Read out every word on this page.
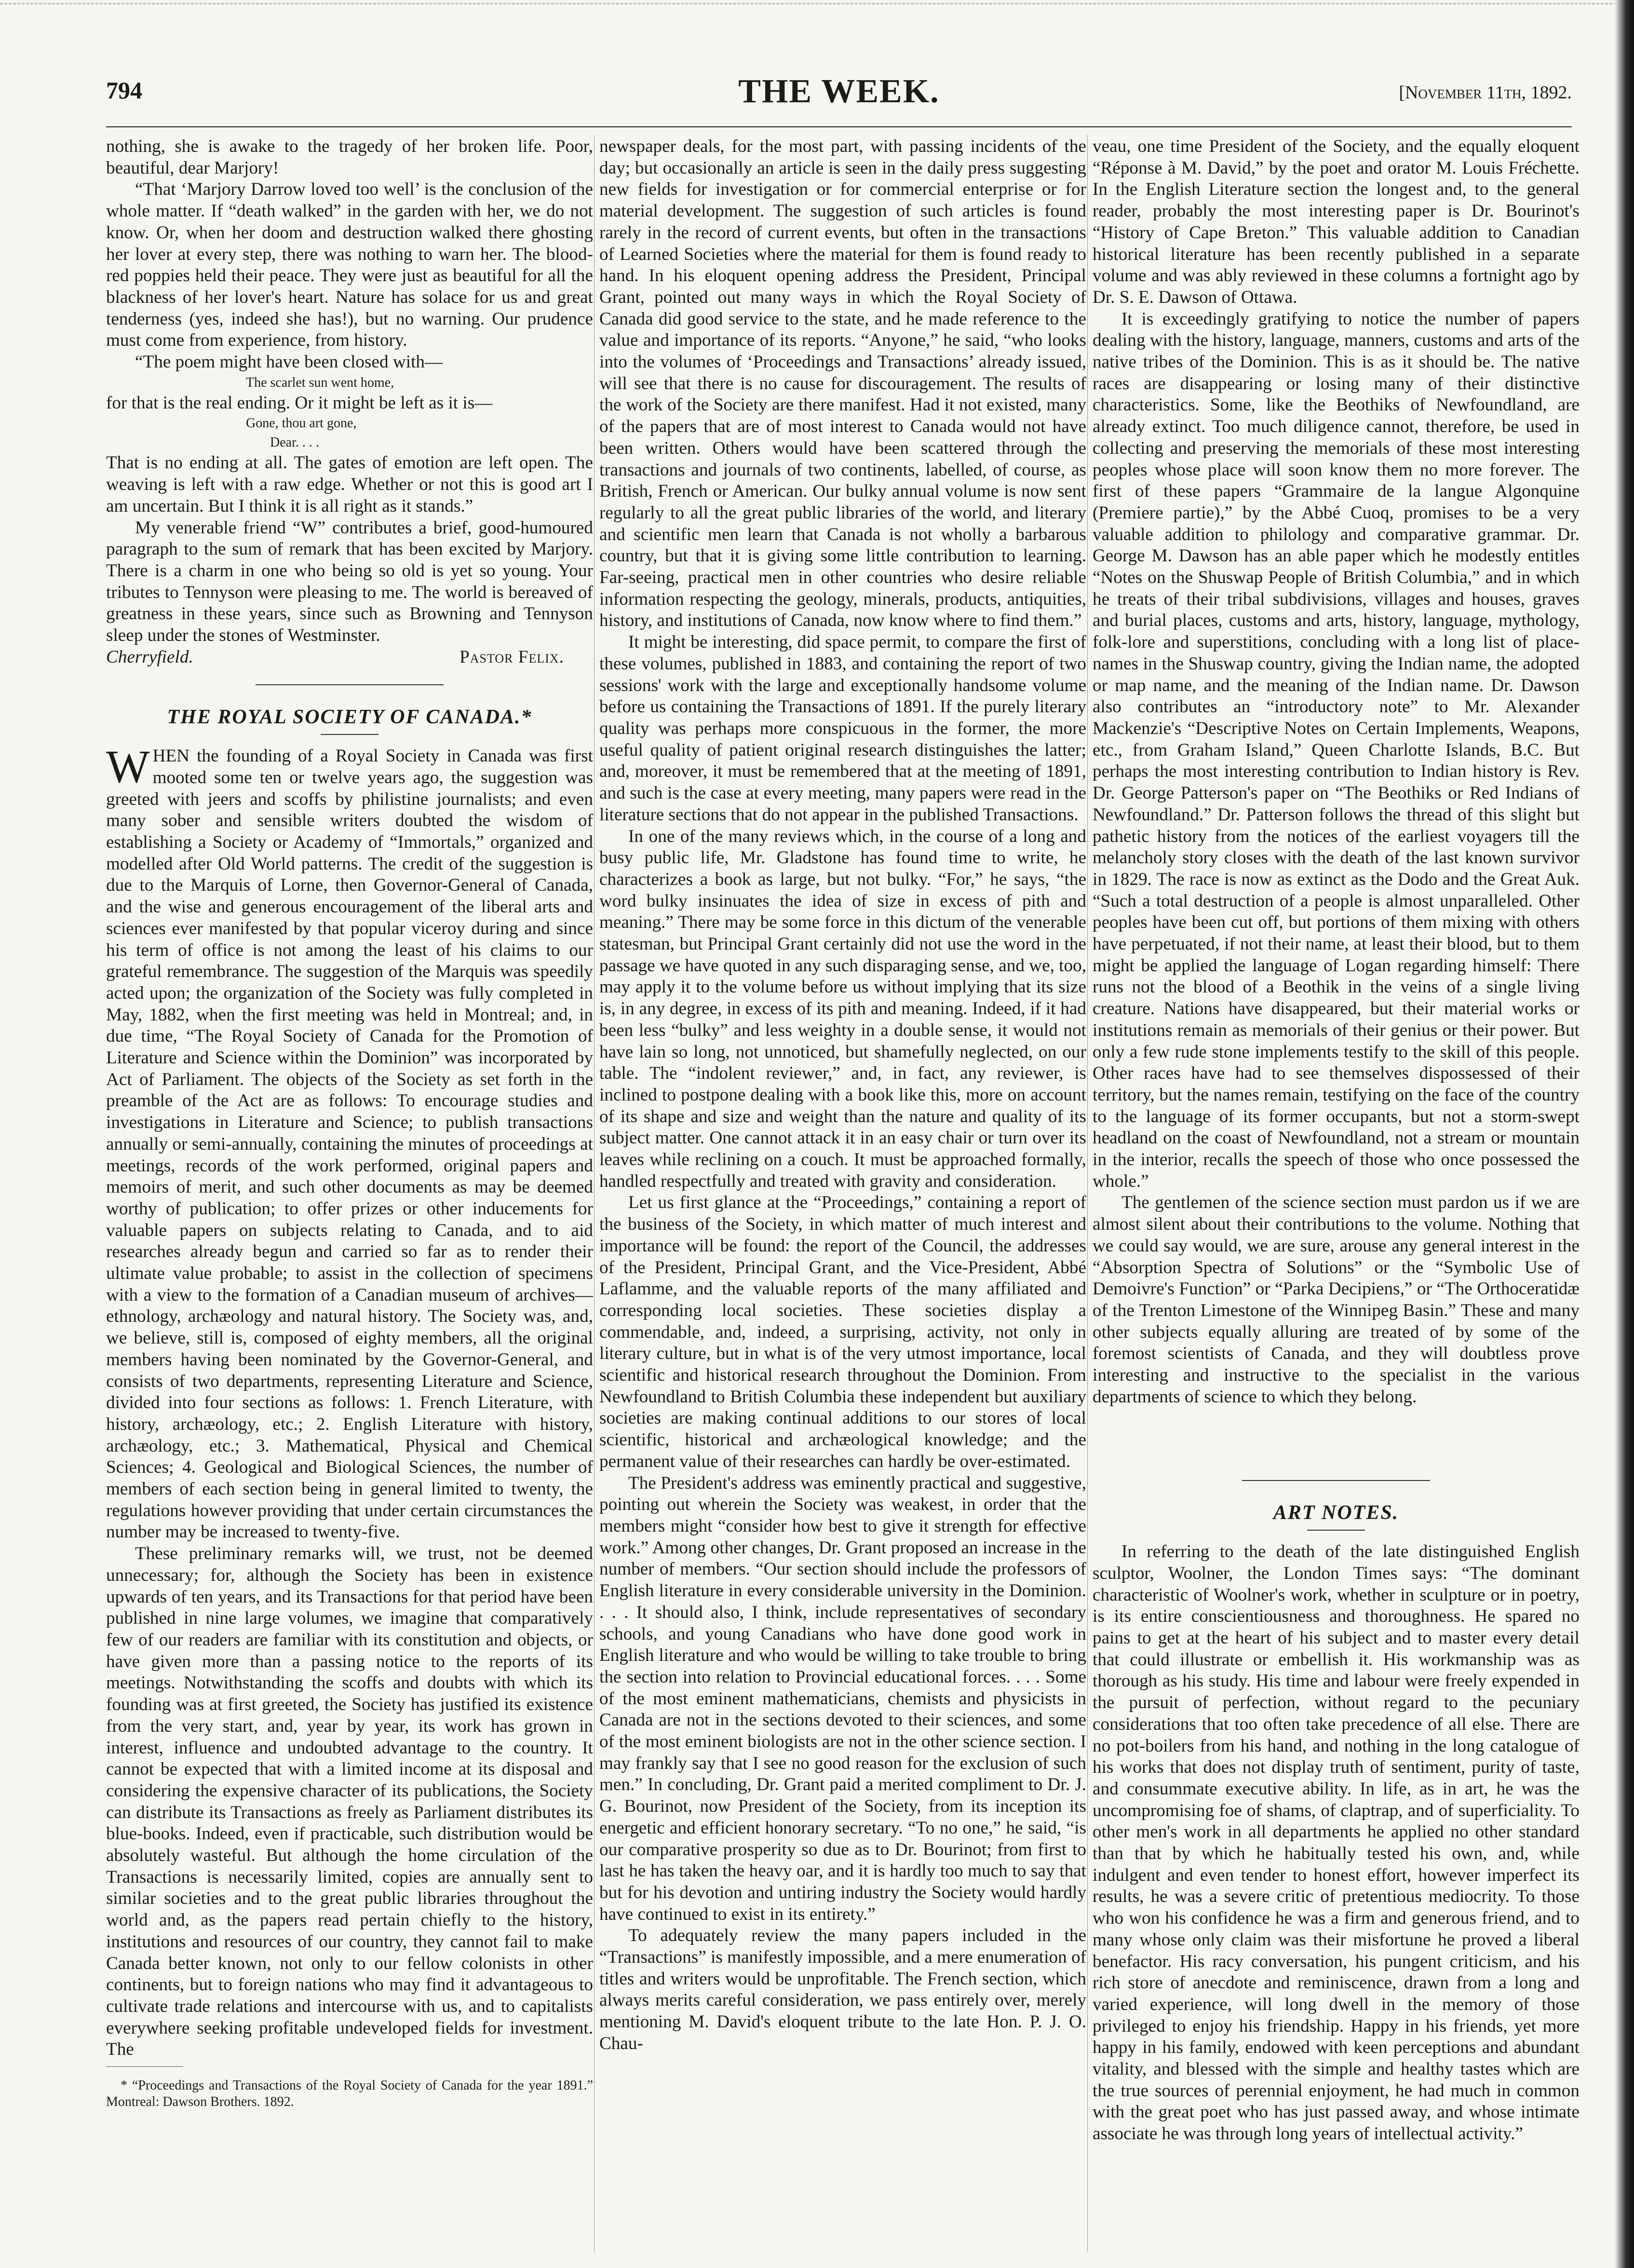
794	THE WEEK.	[November 11th, 1892.

nothing, she is awake to the tragedy of her broken life. Poor, beautiful, dear Marjory!

“That ‘Marjory Darrow loved too well’ is the conclusion of the whole matter. If “death walked” in the garden with her, we do not know. Or, when her doom and destruction walked there ghosting her lover at every step, there was nothing to warn her. The blood-red poppies held their peace. They were just as beautiful for all the blackness of her lover's heart. Nature has solace for us and great tenderness (yes, indeed she has!), but no warning. Our prudence must come from experience, from history.

“The poem might have been closed with—

The scarlet sun went home,

for that is the real ending. Or it might be left as it is—

Gone, thou art gone,

Dear. . . .

That is no ending at all. The gates of emotion are left open. The weaving is left with a raw edge. Whether or not this is good art I am uncertain. But I think it is all right as it stands.”

My venerable friend “W” contributes a brief, good-humoured paragraph to the sum of remark that has been excited by Marjory. There is a charm in one who being so old is yet so young. Your tributes to Tennyson were pleasing to me. The world is bereaved of greatness in these years, since such as Browning and Tennyson sleep under the stones of Westminster.

Cherryfield.	Pastor Felix.
THE ROYAL SOCIETY OF CANADA.*

WHEN the founding of a Royal Society in Canada was first mooted some ten or twelve years ago, the suggestion was greeted with jeers and scoffs by philistine journalists; and even many sober and sensible writers doubted the wisdom of establishing a Society or Academy of “Immortals,” organized and modelled after Old World patterns. The credit of the suggestion is due to the Marquis of Lorne, then Governor-General of Canada, and the wise and generous encouragement of the liberal arts and sciences ever manifested by that popular viceroy during and since his term of office is not among the least of his claims to our grateful remembrance. The suggestion of the Marquis was speedily acted upon; the organization of the Society was fully completed in May, 1882, when the first meeting was held in Montreal; and, in due time, “The Royal Society of Canada for the Promotion of Literature and Science within the Dominion” was incorporated by Act of Parliament. The objects of the Society as set forth in the preamble of the Act are as follows: To encourage studies and investigations in Literature and Science; to publish transactions annually or semi-annually, containing the minutes of proceedings at meetings, records of the work performed, original papers and memoirs of merit, and such other documents as may be deemed worthy of publication; to offer prizes or other inducements for valuable papers on subjects relating to Canada, and to aid researches already begun and carried so far as to render their ultimate value probable; to assist in the collection of specimens with a view to the formation of a Canadian museum of archives—ethnology, archæology and natural history. The Society was, and, we believe, still is, composed of eighty members, all the original members having been nominated by the Governor-General, and consists of two departments, representing Literature and Science, divided into four sections as follows: 1. French Literature, with history, archæology, etc.; 2. English Literature with history, archæology, etc.; 3. Mathematical, Physical and Chemical Sciences; 4. Geological and Biological Sciences, the number of members of each section being in general limited to twenty, the regulations however providing that under certain circumstances the number may be increased to twenty-five.

These preliminary remarks will, we trust, not be deemed unnecessary; for, although the Society has been in existence upwards of ten years, and its Transactions for that period have been published in nine large volumes, we imagine that comparatively few of our readers are familiar with its constitution and objects, or have given more than a passing notice to the reports of its meetings. Notwithstanding the scoffs and doubts with which its founding was at first greeted, the Society has justified its existence from the very start, and, year by year, its work has grown in interest, influence and undoubted advantage to the country. It cannot be expected that with a limited income at its disposal and considering the expensive character of its publications, the Society can distribute its Transactions as freely as Parliament distributes its blue-books. Indeed, even if practicable, such distribution would be absolutely wasteful. But although the home circulation of the Transactions is necessarily limited, copies are annually sent to similar societies and to the great public libraries throughout the world and, as the papers read pertain chiefly to the history, institutions and resources of our country, they cannot fail to make Canada better known, not only to our fellow colonists in other continents, but to foreign nations who may find it advantageous to cultivate trade relations and intercourse with us, and to capitalists everywhere seeking profitable undeveloped fields for investment. The

* “Proceedings and Transactions of the Royal Society of Canada for the year 1891.” Montreal: Dawson Brothers. 1892.

newspaper deals, for the most part, with passing incidents of the day; but occasionally an article is seen in the daily press suggesting new fields for investigation or for commercial enterprise or for material development. The suggestion of such articles is found rarely in the record of current events, but often in the transactions of Learned Societies where the material for them is found ready to hand. In his eloquent opening address the President, Principal Grant, pointed out many ways in which the Royal Society of Canada did good service to the state, and he made reference to the value and importance of its reports. “Anyone,” he said, “who looks into the volumes of ‘Proceedings and Transactions’ already issued, will see that there is no cause for discouragement. The results of the work of the Society are there manifest. Had it not existed, many of the papers that are of most interest to Canada would not have been written. Others would have been scattered through the transactions and journals of two continents, labelled, of course, as British, French or American. Our bulky annual volume is now sent regularly to all the great public libraries of the world, and literary and scientific men learn that Canada is not wholly a barbarous country, but that it is giving some little contribution to learning. Far-seeing, practical men in other countries who desire reliable information respecting the geology, minerals, products, antiquities, history, and institutions of Canada, now know where to find them.”

It might be interesting, did space permit, to compare the first of these volumes, published in 1883, and containing the report of two sessions' work with the large and exceptionally handsome volume before us containing the Transactions of 1891. If the purely literary quality was perhaps more conspicuous in the former, the more useful quality of patient original research distinguishes the latter; and, moreover, it must be remembered that at the meeting of 1891, and such is the case at every meeting, many papers were read in the literature sections that do not appear in the published Transactions.

In one of the many reviews which, in the course of a long and busy public life, Mr. Gladstone has found time to write, he characterizes a book as large, but not bulky. “For,” he says, “the word bulky insinuates the idea of size in excess of pith and meaning.” There may be some force in this dictum of the venerable statesman, but Principal Grant certainly did not use the word in the passage we have quoted in any such disparaging sense, and we, too, may apply it to the volume before us without implying that its size is, in any degree, in excess of its pith and meaning. Indeed, if it had been less “bulky” and less weighty in a double sense, it would not have lain so long, not unnoticed, but shamefully neglected, on our table. The “indolent reviewer,” and, in fact, any reviewer, is inclined to postpone dealing with a book like this, more on account of its shape and size and weight than the nature and quality of its subject matter. One cannot attack it in an easy chair or turn over its leaves while reclining on a couch. It must be approached formally, handled respectfully and treated with gravity and consideration.

Let us first glance at the “Proceedings,” containing a report of the business of the Society, in which matter of much interest and importance will be found: the report of the Council, the addresses of the President, Principal Grant, and the Vice-President, Abbé Laflamme, and the valuable reports of the many affiliated and corresponding local societies. These societies display a commendable, and, indeed, a surprising, activity, not only in literary culture, but in what is of the very utmost importance, local scientific and historical research throughout the Dominion. From Newfoundland to British Columbia these independent but auxiliary societies are making continual additions to our stores of local scientific, historical and archæological knowledge; and the permanent value of their researches can hardly be over-estimated.

The President's address was eminently practical and suggestive, pointing out wherein the Society was weakest, in order that the members might “consider how best to give it strength for effective work.” Among other changes, Dr. Grant proposed an increase in the number of members. “Our section should include the professors of English literature in every considerable university in the Dominion. . . . It should also, I think, include representatives of secondary schools, and young Canadians who have done good work in English literature and who would be willing to take trouble to bring the section into relation to Provincial educational forces. . . . Some of the most eminent mathematicians, chemists and physicists in Canada are not in the sections devoted to their sciences, and some of the most eminent biologists are not in the other science section. I may frankly say that I see no good reason for the exclusion of such men.” In concluding, Dr. Grant paid a merited compliment to Dr. J. G. Bourinot, now President of the Society, from its inception its energetic and efficient honorary secretary. “To no one,” he said, “is our comparative prosperity so due as to Dr. Bourinot; from first to last he has taken the heavy oar, and it is hardly too much to say that but for his devotion and untiring industry the Society would hardly have continued to exist in its entirety.”

To adequately review the many papers included in the “Transactions” is manifestly impossible, and a mere enumeration of titles and writers would be unprofitable. The French section, which always merits careful consideration, we pass entirely over, merely mentioning M. David's eloquent tribute to the late Hon. P. J. O. Chau-

veau, one time President of the Society, and the equally eloquent “Réponse à M. David,” by the poet and orator M. Louis Fréchette. In the English Literature section the longest and, to the general reader, probably the most interesting paper is Dr. Bourinot's “History of Cape Breton.” This valuable addition to Canadian historical literature has been recently published in a separate volume and was ably reviewed in these columns a fortnight ago by Dr. S. E. Dawson of Ottawa.

It is exceedingly gratifying to notice the number of papers dealing with the history, language, manners, customs and arts of the native tribes of the Dominion. This is as it should be. The native races are disappearing or losing many of their distinctive characteristics. Some, like the Beothiks of Newfoundland, are already extinct. Too much diligence cannot, therefore, be used in collecting and preserving the memorials of these most interesting peoples whose place will soon know them no more forever. The first of these papers “Grammaire de la langue Algonquine (Premiere partie),” by the Abbé Cuoq, promises to be a very valuable addition to philology and comparative grammar. Dr. George M. Dawson has an able paper which he modestly entitles “Notes on the Shuswap People of British Columbia,” and in which he treats of their tribal subdivisions, villages and houses, graves and burial places, customs and arts, history, language, mythology, folk-lore and superstitions, concluding with a long list of place-names in the Shuswap country, giving the Indian name, the adopted or map name, and the meaning of the Indian name. Dr. Dawson also contributes an “introductory note” to Mr. Alexander Mackenzie's “Descriptive Notes on Certain Implements, Weapons, etc., from Graham Island,” Queen Charlotte Islands, B.C. But perhaps the most interesting contribution to Indian history is Rev. Dr. George Patterson's paper on “The Beothiks or Red Indians of Newfoundland.” Dr. Patterson follows the thread of this slight but pathetic history from the notices of the earliest voyagers till the melancholy story closes with the death of the last known survivor in 1829. The race is now as extinct as the Dodo and the Great Auk. “Such a total destruction of a people is almost unparalleled. Other peoples have been cut off, but portions of them mixing with others have perpetuated, if not their name, at least their blood, but to them might be applied the language of Logan regarding himself: There runs not the blood of a Beothik in the veins of a single living creature. Nations have disappeared, but their material works or institutions remain as memorials of their genius or their power. But only a few rude stone implements testify to the skill of this people. Other races have had to see themselves dispossessed of their territory, but the names remain, testifying on the face of the country to the language of its former occupants, but not a storm-swept headland on the coast of Newfoundland, not a stream or mountain in the interior, recalls the speech of those who once possessed the whole.”

The gentlemen of the science section must pardon us if we are almost silent about their contributions to the volume. Nothing that we could say would, we are sure, arouse any general interest in the “Absorption Spectra of Solutions” or the “Symbolic Use of Demoivre's Function” or “Parka Decipiens,” or “The Orthoceratidæ of the Trenton Limestone of the Winnipeg Basin.” These and many other subjects equally alluring are treated of by some of the foremost scientists of Canada, and they will doubtless prove interesting and instructive to the specialist in the various departments of science to which they belong.

ART NOTES.

In referring to the death of the late distinguished English sculptor, Woolner, the London Times says: “The dominant characteristic of Woolner's work, whether in sculpture or in poetry, is its entire conscientiousness and thoroughness. He spared no pains to get at the heart of his subject and to master every detail that could illustrate or embellish it. His workmanship was as thorough as his study. His time and labour were freely expended in the pursuit of perfection, without regard to the pecuniary considerations that too often take precedence of all else. There are no pot-boilers from his hand, and nothing in the long catalogue of his works that does not display truth of sentiment, purity of taste, and consummate executive ability. In life, as in art, he was the uncompromising foe of shams, of claptrap, and of superficiality. To other men's work in all departments he applied no other standard than that by which he habitually tested his own, and, while indulgent and even tender to honest effort, however imperfect its results, he was a severe critic of pretentious mediocrity. To those who won his confidence he was a firm and generous friend, and to many whose only claim was their misfortune he proved a liberal benefactor. His racy conversation, his pungent criticism, and his rich store of anecdote and reminiscence, drawn from a long and varied experience, will long dwell in the memory of those privileged to enjoy his friendship. Happy in his friends, yet more happy in his family, endowed with keen perceptions and abundant vitality, and blessed with the simple and healthy tastes which are the true sources of perennial enjoyment, he had much in common with the great poet who has just passed away, and whose intimate associate he was through long years of intellectual activity.”
